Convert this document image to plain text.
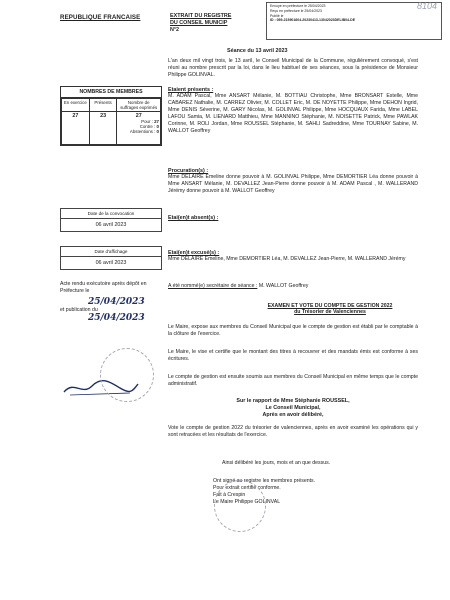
REPUBLIQUE FRANCAISE	EXTRAIT DU REGISTRE
DU CONSEIL MUNICIP
N°2
Envoyé en préfecture le 25/04/2023
Reçu en préfecture le 25/04/2023
Publié le
ID : 059-215901604-20230413-13042023DELIB04-DE
8104
Séance du 13 avril 2023
L'an deux mil vingt trois, le 13 avril, le Conseil Municipal de la Commune, régulièrement convoqué, s'est réuni au nombre prescrit par la loi, dans le lieu habituel de ses séances, sous la présidence de Monsieur Philippe GOLINVAL.
Etaient présents :
M. ADAM Pascal, Mme ANSART Mélanie, M. BOTTIAU Christophe, Mme BRONSART Estelle, Mme CABAREZ Nathalie, M. CARREZ Olivier, M. COLLET Eric, M. DE NOYETTE Philippe, Mme DEHON Ingrid, Mme DENIS Séverine, M. GARY Nicolas, M. GOLINVAL Philippe, Mme HOCQUAUX Farida, Mme LABEL LAFOU Samia, M. LIENARD Matthieu, Mme MANNINO Stéphanie, M. NOISETTE Patrick, Mme PAWLAK Corinne, M. ROLI Jordan, Mme ROUSSEL Stéphanie, M. SAHLI Sadreddine, Mme TOURNAY Sabine, M. WALLOT Geoffrey
Procuration(s) :
Mme DELAIRE Emeline donne pouvoir à M. GOLINVAL Philippe, Mme DEMORTIER Léa donne pouvoir à Mme ANSART Mélanie, M. DEVALLEZ Jean-Pierre donne pouvoir à M. ADAM Pascal , M. WALLERAND Jérémy donne pouvoir à M. WALLOT Geoffrey
Etai(en)t absent(s) :
Etai(en)t excusé(s) :
Mme DELAIRE Emeline, Mme DEMORTIER Léa, M. DEVALLEZ Jean-Pierre, M. WALLERAND Jérémy
A été nommé(e) secrétaire de séance : M. WALLOT Geoffrey
NOMBRES DE MEMBRES
En exercice	Présents	Nombre de suffrages exprimés
27	23	27
Pour : 27
Contre : 0
Abstentions : 0
Date de la convocation
06 avril 2023
Date d'affichage
06 avril 2023
Acte rendu exécutoire après dépôt en Préfecture le
25/04/2023
et publication du
25/04/2023
EXAMEN ET VOTE DU COMPTE DE GESTION 2022
du Trésorier de Valenciennes
Le Maire, expose aux membres du Conseil Municipal que le compte de gestion est établi par le comptable à la clôture de l'exercice.
Le Maire, le vise et certifie que le montant des titres à recouvrer et des mandats émis est conforme à ses écritures.
Le compte de gestion est ensuite soumis aux membres du Conseil Municipal en même temps que le compte administratif.
Sur le rapport de Mme Stéphanie ROUSSEL,
Le Conseil Municipal,
Après en avoir délibéré,
Vote le compte de gestion 2022 du trésorier de valenciennes, après en avoir examiné les opérations qui y sont retracées et les résultats de l'exercice.
Ainsi délibéré les jours, mois et an que dessus.
Ont signé au registre les membres présents.
Pour extrait certifié conforme.
Fait à Crespin
Le Maire Philippe GOLINVAL
